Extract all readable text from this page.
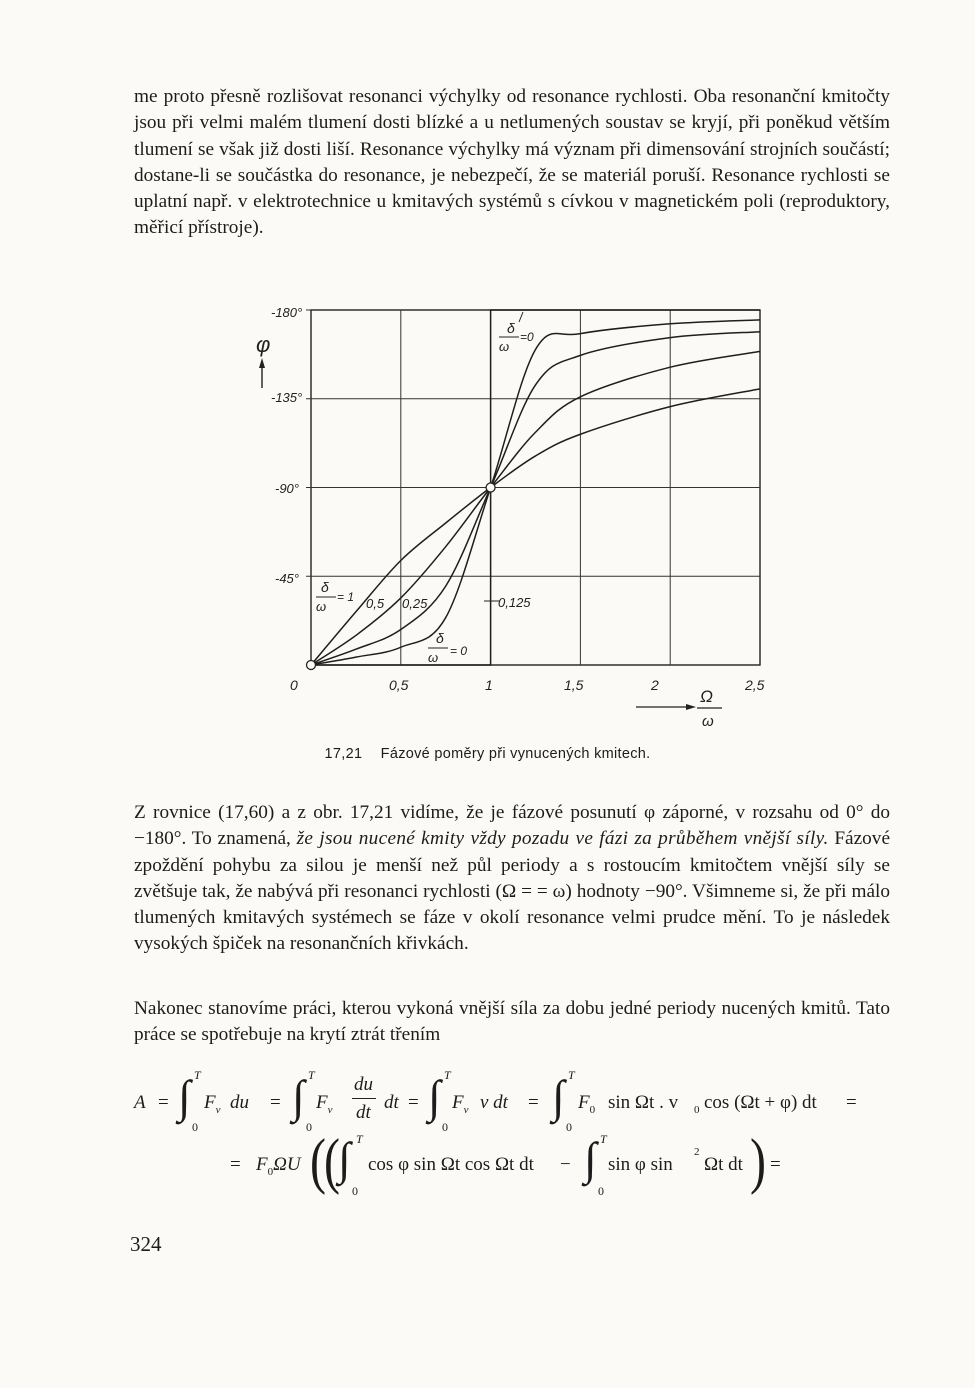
me proto přesně rozlišovat resonanci výchylky od resonance rychlosti. Oba resonanční kmitočty jsou při velmi malém tlumení dosti blízké a u netlumených soustav se kryjí, při poněkud větším tlumení se však již dosti liší. Resonance výchylky má význam při dimensování strojních součástí; dostane-li se součástka do resonance, je nebezpečí, že se materiál poruší. Resonance rychlosti se uplatní např. v elektrotechnice u kmitavých systémů s cívkou v magnetickém poli (reproduktory, měřicí přístroje).

φ
-180°
-135°
-90°
-45°
0	0,5	1	1,5	2	2,5
Ω
ω
δ
ω
=0
δ
ω
= 1 0,5 0,25	0,125
δ
ω = 0
17,21 Fázové poměry při vynucených kmitech.

Z rovnice (17,60) a z obr. 17,21 vidíme, že je fázové posunutí φ záporné, v rozsahu od 0° do −180°. To znamená, že jsou nucené kmity vždy pozadu ve fázi za průběhem vnější síly. Fázové zpoždění pohybu za silou je menší než půl periody a s rostoucím kmitočtem vnější síly se zvětšuje tak, že nabývá při resonanci rychlosti (Ω = = ω) hodnoty −90°. Všimneme si, že při málo tlumených kmitavých systémech se fáze v okolí resonance velmi prudce mění. To je následek vysokých špiček na resonančních křivkách.

Nakonec stanovíme práci, kterou vykoná vnější síla za dobu jedné periody nucených kmitů. Tato práce se spotřebuje na krytí ztrát třením

A = ∫ T
0
$F_v$ du = ∫ T
0
$F_v$
du
dt dt = ∫ T
0
$F_v$ v dt = ∫ T
0
$F_0$ sin Ωt . v 0 cos (Ωt + φ) dt =
= $F_0\Omega U$ (
(
∫ T
0
cos φ sin Ωt cos Ωt dt − ∫ T
0
sin φ sin
2
Ωt dt ) =
324
